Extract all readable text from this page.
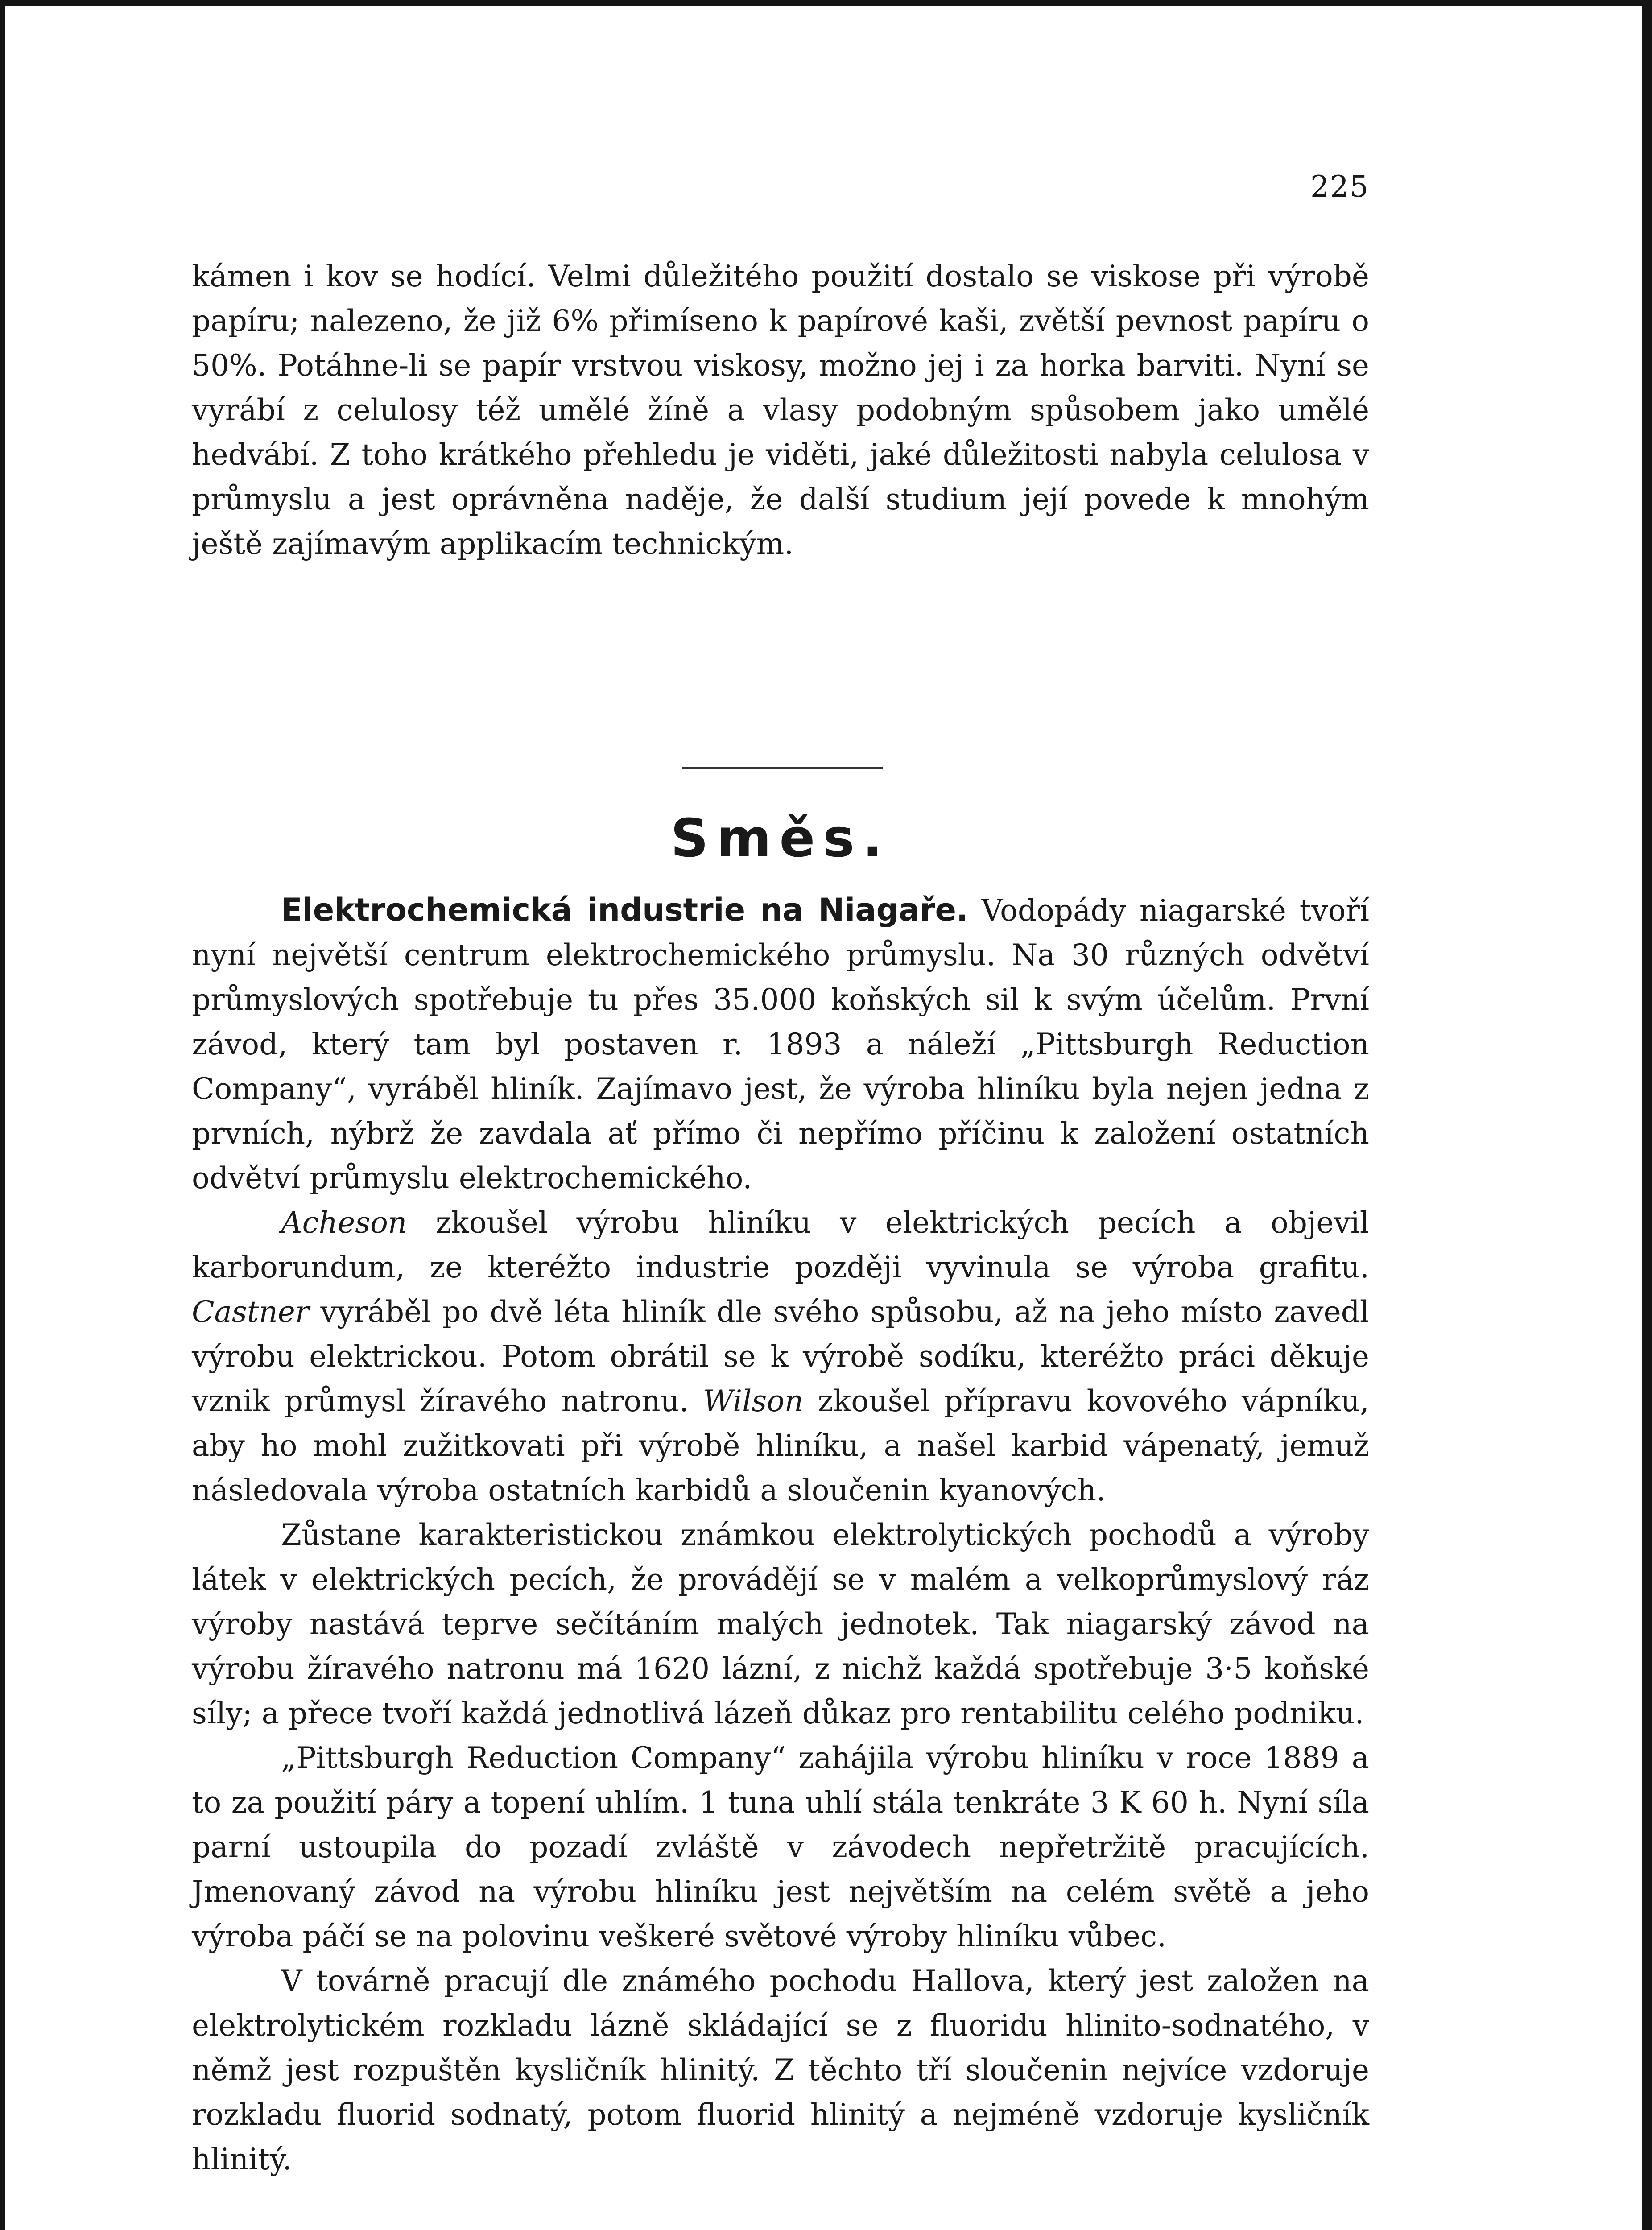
225

kámen i kov se hodící. Velmi důležitého použití dostalo se viskose při výrobě papíru; nalezeno, že již 6% přimíseno k papírové kaši, zvětší pevnost papíru o 50%. Potáhne-li se papír vrstvou viskosy, možno jej i za horka barviti. Nyní se vyrábí z celulosy též umělé žíně a vlasy podobným spůsobem jako umělé hedvábí. Z toho krátkého přehledu je viděti, jaké důležitosti nabyla celulosa v průmyslu a jest oprávněna naděje, že další studium její povede k mnohým ještě zajímavým applikacím technickým.

Směs.

Elektrochemická industrie na Niagaře. Vodopády niagarské tvoří nyní největší centrum elektrochemického průmyslu. Na 30 různých odvětví průmyslových spotřebuje tu přes 35.000 koňských sil k svým účelům. První závod, který tam byl postaven r. 1893 a náleží „Pittsburgh Reduction Company“, vyráběl hliník. Zajímavo jest, že výroba hliníku byla nejen jedna z prvních, nýbrž že zavdala ať přímo či nepřímo příčinu k založení ostatních odvětví průmyslu elektrochemického.

Acheson zkoušel výrobu hliníku v elektrických pecích a objevil karborundum, ze kteréžto industrie později vyvinula se výroba grafitu. Castner vyráběl po dvě léta hliník dle svého spůsobu, až na jeho místo zavedl výrobu elektrickou. Potom obrátil se k výrobě sodíku, kteréžto práci děkuje vznik průmysl žíravého natronu. Wilson zkoušel přípravu kovového vápníku, aby ho mohl zužitkovati při výrobě hliníku, a našel karbid vápenatý, jemuž následovala výroba ostatních karbidů a sloučenin kyanových.

Zůstane karakteristickou známkou elektrolytických pochodů a výroby látek v elektrických pecích, že provádějí se v malém a velkoprůmyslový ráz výroby nastává teprve sečítáním malých jednotek. Tak niagarský závod na výrobu žíravého natronu má 1620 lázní, z nichž každá spotřebuje 3·5 koňské síly; a přece tvoří každá jednotlivá lázeň důkaz pro rentabilitu celého podniku.

„Pittsburgh Reduction Company“ zahájila výrobu hliníku v roce 1889 a to za použití páry a topení uhlím. 1 tuna uhlí stála tenkráte 3 K 60 h. Nyní síla parní ustoupila do pozadí zvláště v závodech nepřetržitě pracujících. Jmenovaný závod na výrobu hliníku jest největším na celém světě a jeho výroba páčí se na polovinu veškeré světové výroby hliníku vůbec.

V továrně pracují dle známého pochodu Hallova, který jest založen na elektrolytickém rozkladu lázně skládající se z fluoridu hlinito-sodnatého, v němž jest rozpuštěn kysličník hlinitý. Z těchto tří sloučenin nejvíce vzdoruje rozkladu fluorid sodnatý, potom fluorid hlinitý a nejméně vzdoruje kysličník hlinitý.
